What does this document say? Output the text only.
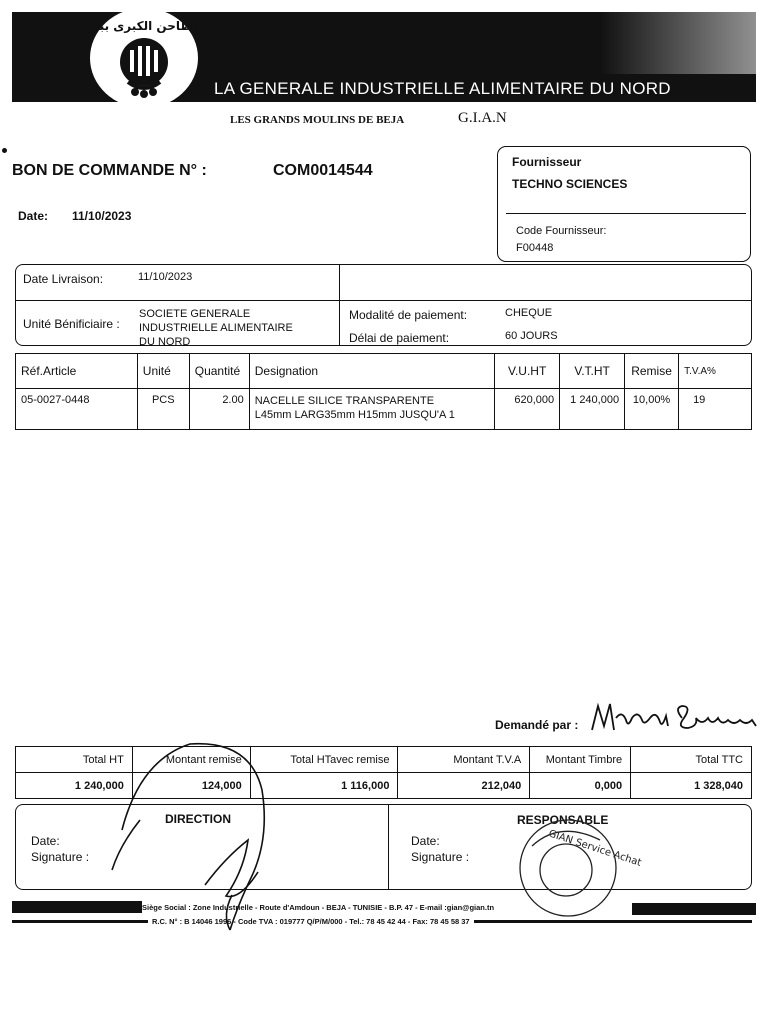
LA GENERALE INDUSTRIELLE ALIMENTAIRE DU NORD
المطاحن الكبرى بباجة
LES GRANDS MOULINS DE BEJA	G.I.A.N
BON DE COMMANDE N° :	COM0014544
Date: 11/10/2023
Fournisseur
TECHNO SCIENCES
Code Fournisseur:
F00448
Date Livraison:	11/10/2023
Unité Bénificiaire :
SOCIETE GENERALE
INDUSTRIELLE ALIMENTAIRE
DU NORD
Modalité de paiement:	CHEQUE
Délai de paiement:	60 JOURS
Réf.Article	Unité	Quantité	Designation	V.U.HT	V.T.HT	Remise	T.V.A%
05-0027-0448	PCS	2.00	NACELLE SILICE TRANSPARENTE
L45mm LARG35mm H15mm JUSQU'A 1	620,000	1 240,000	10,00%	19
Demandé par :
Total HT	Montant remise	Total HTavec remise	Montant T.V.A	Montant Timbre	Total TTC
1 240,000	124,000	1 116,000	212,040	0,000	1 328,040
DIRECTION
Date:
Signature :
RESPONSABLE
Date:
Signature :
Siège Social : Zone Industrielle - Route d'Amdoun - BEJA - TUNISIE - B.P. 47 - E-mail :gian@gian.tn
R.C. N° : B 14046 1996 - Code TVA : 019777 Q/P/M/000 - Tel.: 78 45 42 44 - Fax: 78 45 58 37
GIAN Service Achat
